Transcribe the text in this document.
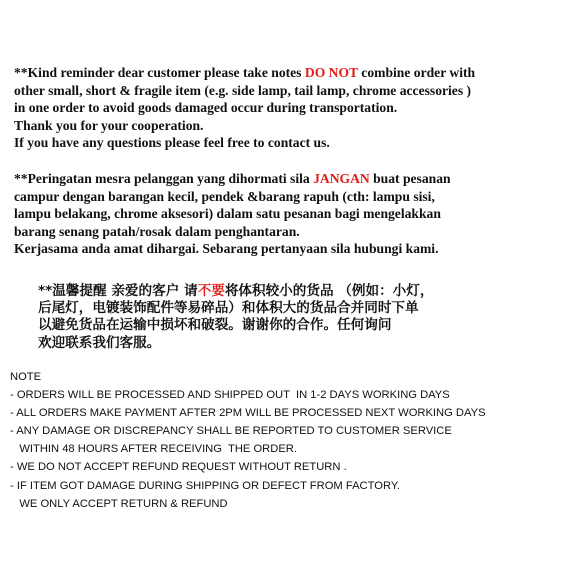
**Kind reminder dear customer please take notes DO NOT combine order with
other small, short & fragile item (e.g. side lamp, tail lamp, chrome accessories )
in one order to avoid goods damaged occur during transportation.
Thank you for your cooperation.
If you have any questions please feel free to contact us.
**Peringatan mesra pelanggan yang dihormati sila JANGAN buat pesanan
campur dengan barangan kecil, pendek &barang rapuh (cth: lampu sisi,
lampu belakang, chrome aksesori) dalam satu pesanan bagi mengelakkan
barang senang patah/rosak dalam penghantaran.
Kerjasama anda amat dihargai. Sebarang pertanyaan sila hubungi kami.
**温馨提醒 亲爱的客户 请不要将体积较小的货品 （例如：小灯，
后尾灯，电镀装饰配件等易碎品）和体积大的货品合并同时下单
以避免货品在运输中损坏和破裂。谢谢你的合作。任何询问
欢迎联系我们客服。
NOTE
- ORDERS WILL BE PROCESSED AND SHIPPED OUT  IN 1-2 DAYS WORKING DAYS
- ALL ORDERS MAKE PAYMENT AFTER 2PM WILL BE PROCESSED NEXT WORKING DAYS
- ANY DAMAGE OR DISCREPANCY SHALL BE REPORTED TO CUSTOMER SERVICE
WITHIN 48 HOURS AFTER RECEIVING  THE ORDER.
- WE DO NOT ACCEPT REFUND REQUEST WITHOUT RETURN .
- IF ITEM GOT DAMAGE DURING SHIPPING OR DEFECT FROM FACTORY.
WE ONLY ACCEPT RETURN & REFUND
